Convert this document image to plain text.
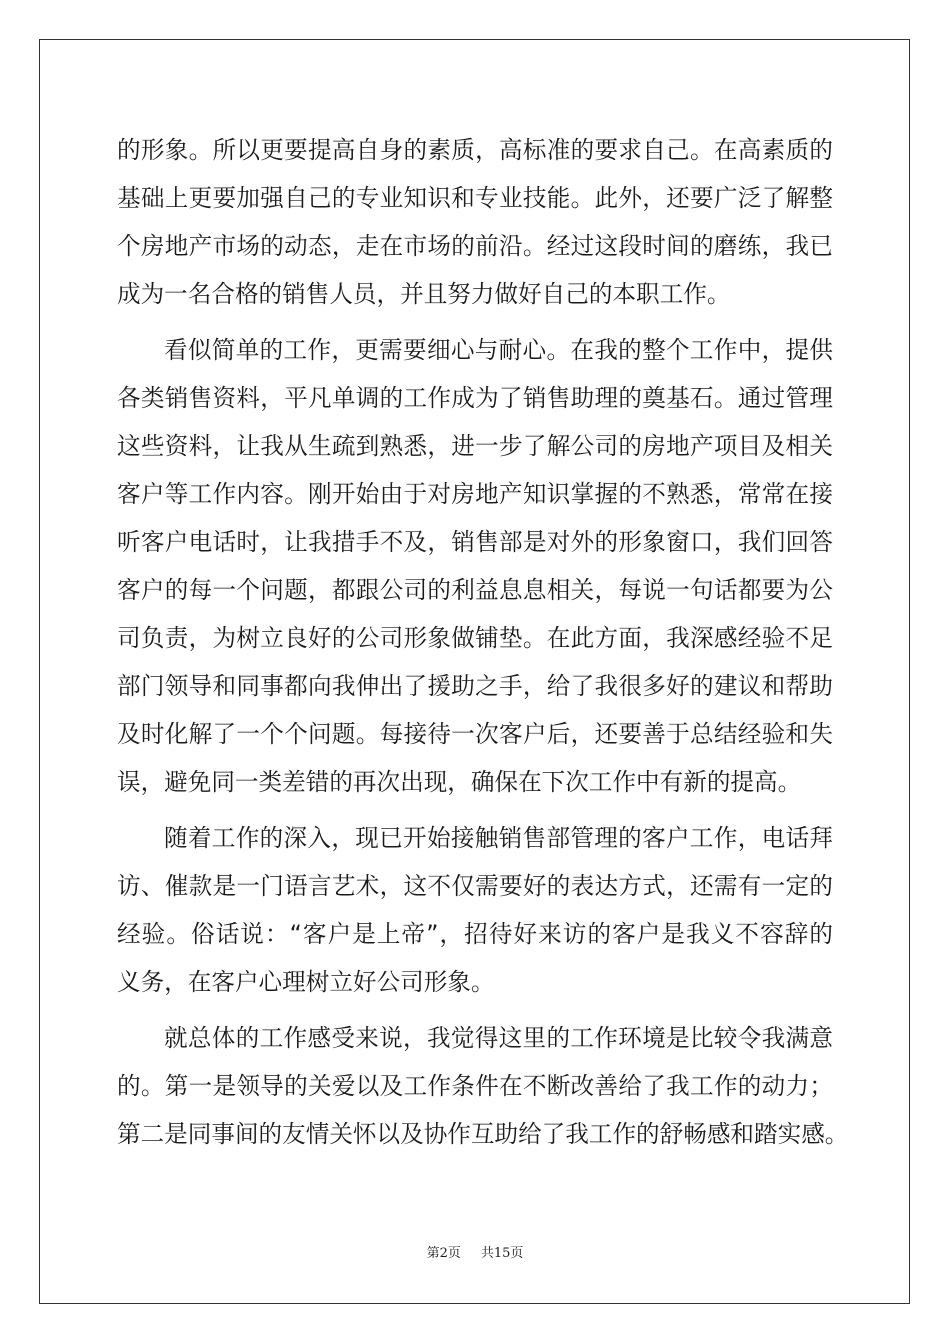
的形象。所以更要提高自身的素质，高标准的要求自己。在高素质的

基础上更要加强自己的专业知识和专业技能。此外，还要广泛了解整

个房地产市场的动态，走在市场的前沿。经过这段时间的磨练，我已

成为一名合格的销售人员，并且努力做好自己的本职工作。

看似简单的工作，更需要细心与耐心。在我的整个工作中，提供

各类销售资料，平凡单调的工作成为了销售助理的奠基石。通过管理

这些资料，让我从生疏到熟悉，进一步了解公司的房地产项目及相关

客户等工作内容。刚开始由于对房地产知识掌握的不熟悉，常常在接

听客户电话时，让我措手不及，销售部是对外的形象窗口，我们回答

客户的每一个问题，都跟公司的利益息息相关，每说一句话都要为公

司负责，为树立良好的公司形象做铺垫。在此方面，我深感经验不足

部门领导和同事都向我伸出了援助之手，给了我很多好的建议和帮助

及时化解了一个个问题。每接待一次客户后，还要善于总结经验和失

误，避免同一类差错的再次出现，确保在下次工作中有新的提高。

随着工作的深入，现已开始接触销售部管理的客户工作，电话拜

访、催款是一门语言艺术，这不仅需要好的表达方式，还需有一定的

经验。俗话说：“客户是上帝”，招待好来访的客户是我义不容辞的

义务，在客户心理树立好公司形象。

就总体的工作感受来说，我觉得这里的工作环境是比较令我满意

的。第一是领导的关爱以及工作条件在不断改善给了我工作的动力；

第二是同事间的友情关怀以及协作互助给了我工作的舒畅感和踏实感。

第2页 共15页
